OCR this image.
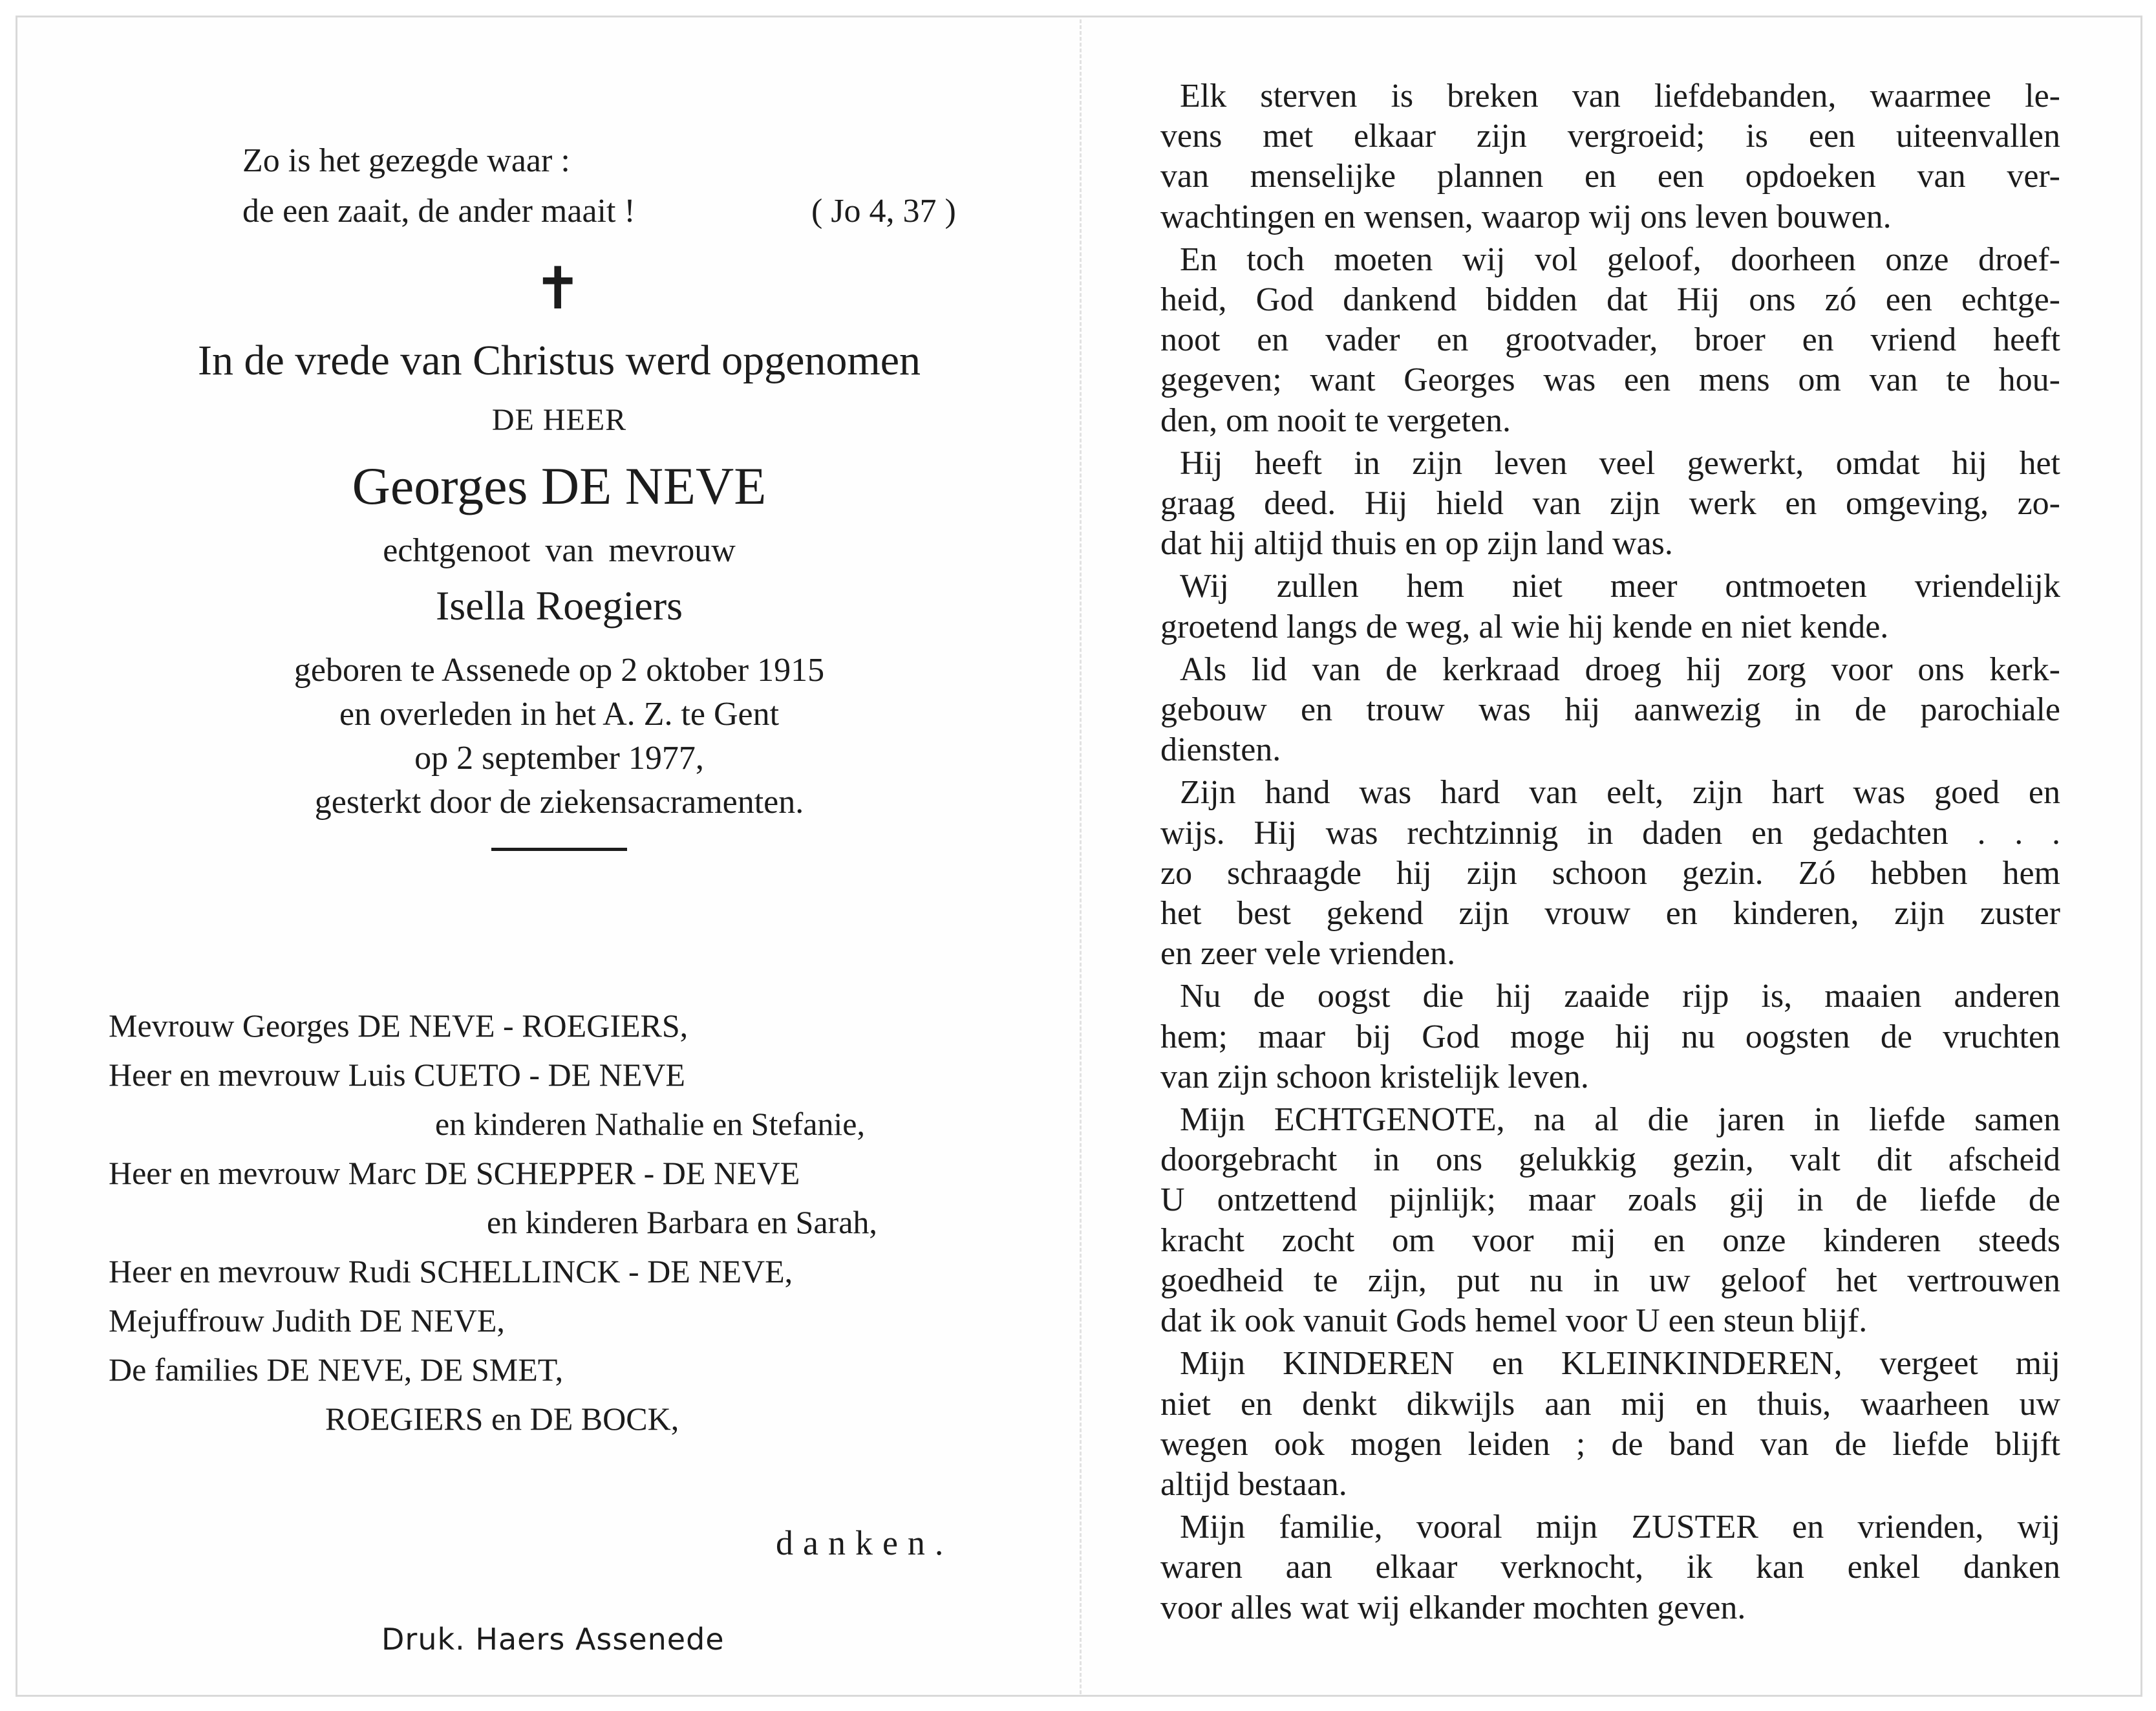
Zo is het gezegde waar :
de een zaait, de ander maait !	( Jo 4, 37 )
✝
In de vrede van Christus werd opgenomen
DE HEER
Georges DE NEVE
echtgenoot van mevrouw
Isella Roegiers
geboren te Assenede op 2 oktober 1915
en overleden in het A. Z. te Gent
op 2 september 1977,
gesterkt door de ziekensacramenten.
Mevrouw Georges DE NEVE - ROEGIERS,
Heer en mevrouw Luis CUETO - DE NEVE
en kinderen Nathalie en Stefanie,
Heer en mevrouw Marc DE SCHEPPER - DE NEVE
en kinderen Barbara en Sarah,
Heer en mevrouw Rudi SCHELLINCK - DE NEVE,
Mejuffrouw Judith DE NEVE,
De families DE NEVE, DE SMET,
ROEGIERS en DE BOCK,
danken.
Druk. Haers Assenede
Elk sterven is breken van liefdebanden, waarmee le-
vens met elkaar zijn vergroeid; is een uiteenvallen
van menselijke plannen en een opdoeken van ver-
wachtingen en wensen, waarop wij ons leven bouwen.
En toch moeten wij vol geloof, doorheen onze droef-
heid, God dankend bidden dat Hij ons zó een echtge-
noot en vader en grootvader, broer en vriend heeft
gegeven; want Georges was een mens om van te hou-
den, om nooit te vergeten.
Hij heeft in zijn leven veel gewerkt, omdat hij het
graag deed. Hij hield van zijn werk en omgeving, zo-
dat hij altijd thuis en op zijn land was.
Wij zullen hem niet meer ontmoeten vriendelijk
groetend langs de weg, al wie hij kende en niet kende.
Als lid van de kerkraad droeg hij zorg voor ons kerk-
gebouw en trouw was hij aanwezig in de parochiale
diensten.
Zijn hand was hard van eelt, zijn hart was goed en
wijs. Hij was rechtzinnig in daden en gedachten . . .
zo schraagde hij zijn schoon gezin. Zó hebben hem
het best gekend zijn vrouw en kinderen, zijn zuster
en zeer vele vrienden.
Nu de oogst die hij zaaide rijp is, maaien anderen
hem; maar bij God moge hij nu oogsten de vruchten
van zijn schoon kristelijk leven.
Mijn ECHTGENOTE, na al die jaren in liefde samen
doorgebracht in ons gelukkig gezin, valt dit afscheid
U ontzettend pijnlijk; maar zoals gij in de liefde de
kracht zocht om voor mij en onze kinderen steeds
goedheid te zijn, put nu in uw geloof het vertrouwen
dat ik ook vanuit Gods hemel voor U een steun blijf.
Mijn KINDEREN en KLEINKINDEREN, vergeet mij
niet en denkt dikwijls aan mij en thuis, waarheen uw
wegen ook mogen leiden ; de band van de liefde blijft
altijd bestaan.
Mijn familie, vooral mijn ZUSTER en vrienden, wij
waren aan elkaar verknocht, ik kan enkel danken
voor alles wat wij elkander mochten geven.
